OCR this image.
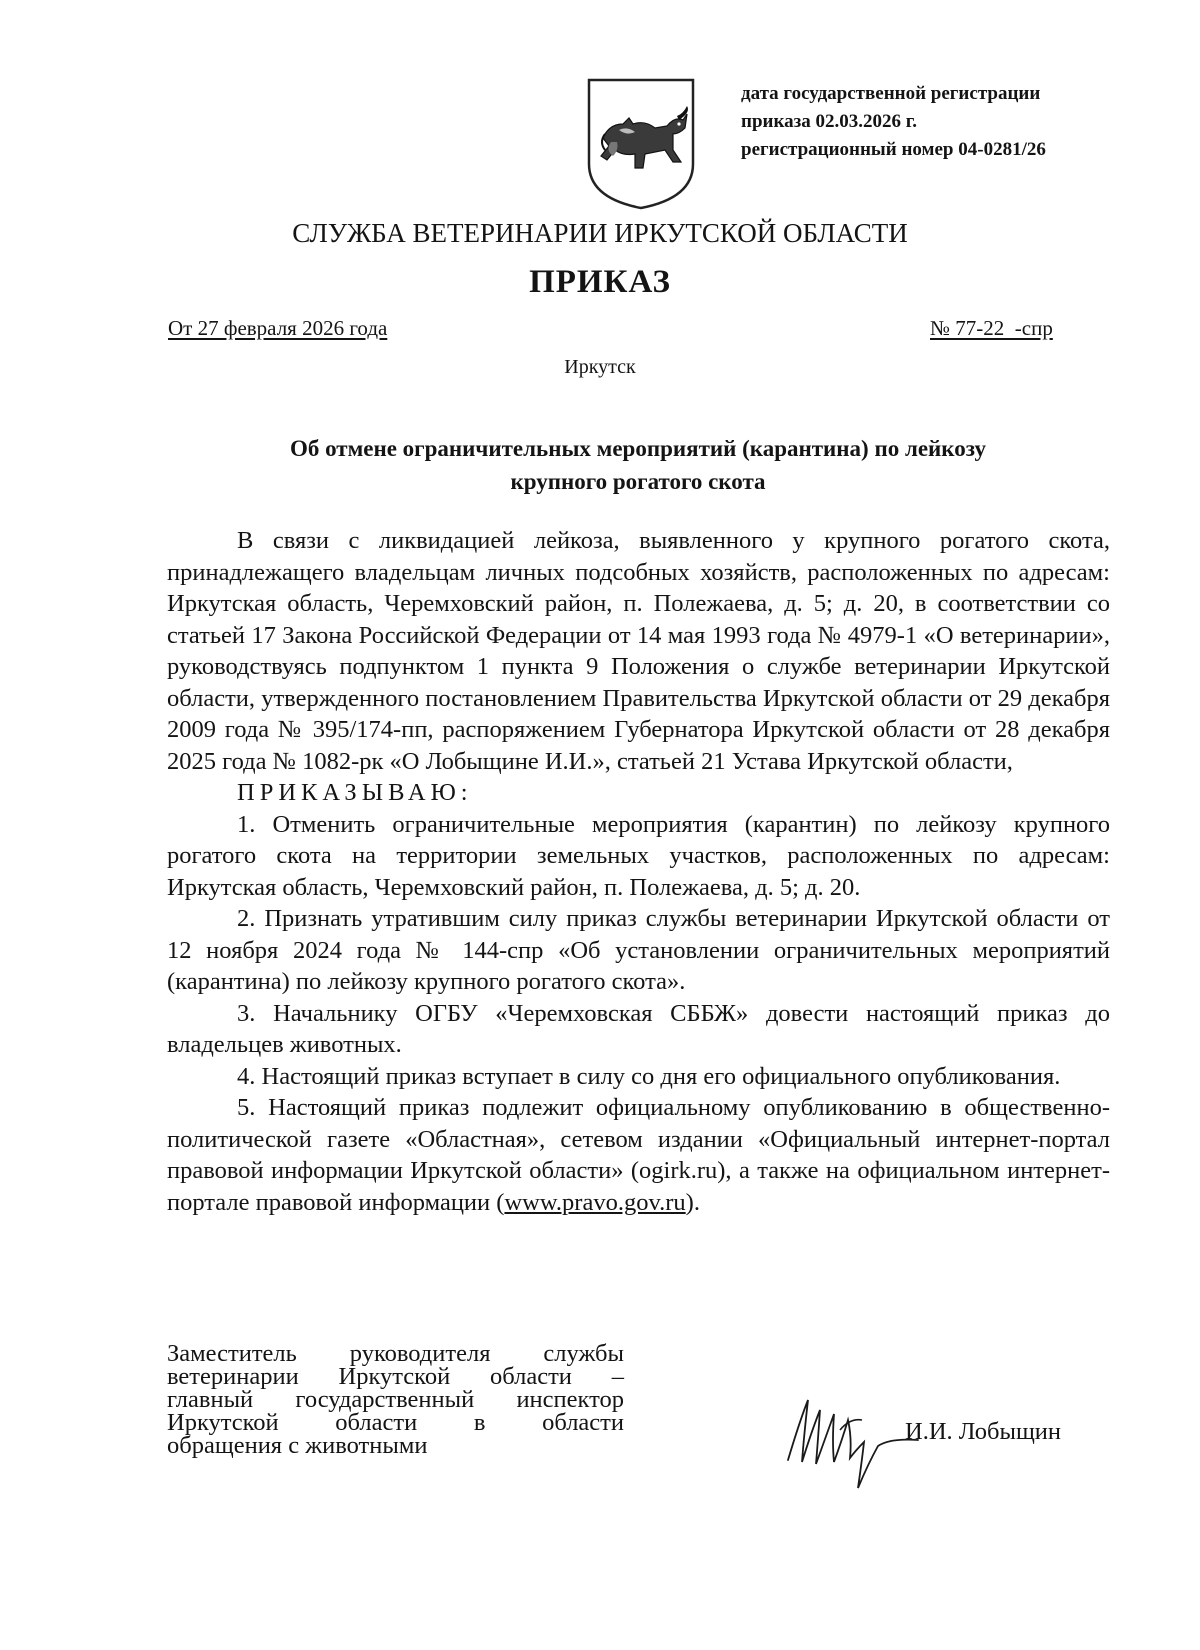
дата государственной регистрации
приказа 02.03.2026 г.
регистрационный номер 04-0281/26
СЛУЖБА ВЕТЕРИНАРИИ ИРКУТСКОЙ ОБЛАСТИ
ПРИКАЗ
От 27 февраля 2026 года	№ 77-22  -спр
Иркутск
Об отмене ограничительных мероприятий (карантина) по лейкозу
крупного рогатого скота

В связи с ликвидацией лейкоза, выявленного у крупного рогатого скота, принадлежащего владельцам личных подсобных хозяйств, расположенных по адресам: Иркутская область, Черемховский район, п. Полежаева, д. 5; д. 20, в соответствии со статьей 17 Закона Российской Федерации от 14 мая 1993 года № 4979-1 «О ветеринарии», руководствуясь подпунктом 1 пункта 9 Положения о службе ветеринарии Иркутской области, утвержденного постановлением Правительства Иркутской области от 29 декабря 2009 года № 395/174-пп, распоряжением Губернатора Иркутской области от 28 декабря 2025 года № 1082-рк «О Лобыщине И.И.», статьей 21 Устава Иркутской области,

ПРИКАЗЫВАЮ:

1. Отменить ограничительные мероприятия (карантин) по лейкозу крупного рогатого скота на территории земельных участков, расположенных по адресам: Иркутская область, Черемховский район, п. Полежаева, д. 5; д. 20.

2. Признать утратившим силу приказ службы ветеринарии Иркутской области от 12 ноября 2024 года № 144-спр «Об установлении ограничительных мероприятий (карантина) по лейкозу крупного рогатого скота».

3. Начальнику ОГБУ «Черемховская СББЖ» довести настоящий приказ до владельцев животных.

4. Настоящий приказ вступает в силу со дня его официального опубликования.

5. Настоящий приказ подлежит официальному опубликованию в общественно-политической газете «Областная», сетевом издании «Официальный интернет-портал правовой информации Иркутской области» (ogirk.ru), а также на официальном интернет-портале правовой информации (www.pravo.gov.ru).

Заместитель руководителя службы
ветеринарии Иркутской области –
главный государственный инспектор
Иркутской области в области
обращения с животными
И.И. Лобыщин
